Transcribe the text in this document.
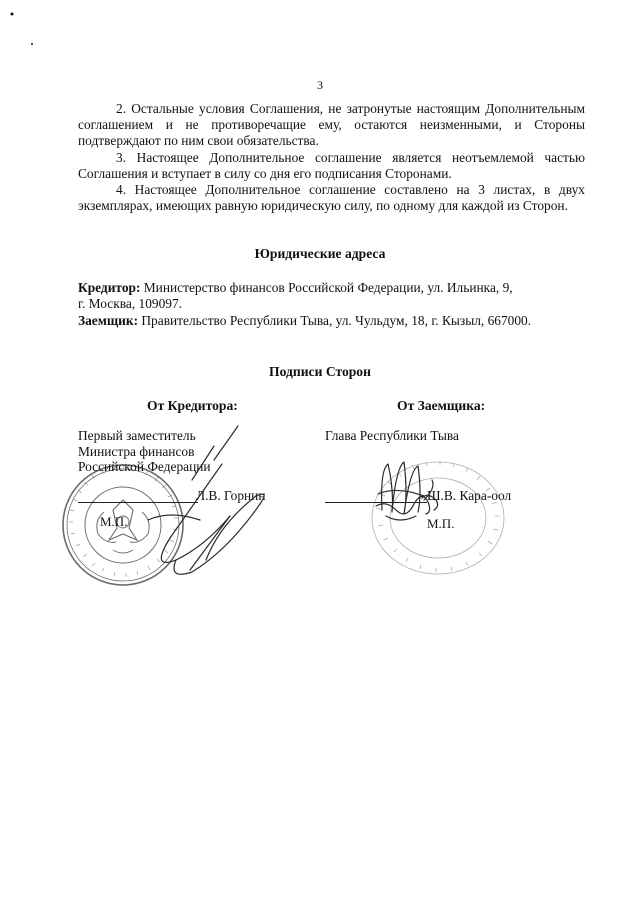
3

2. Остальные условия Соглашения, не затронутые настоящим Дополнительным соглашением и не противоречащие ему, остаются неизменными, и Стороны подтверждают по ним свои обязательства.

3. Настоящее Дополнительное соглашение является неотъемлемой частью Соглашения и вступает в силу со дня его подписания Сторонами.

4. Настоящее Дополнительное соглашение составлено на 3 листах, в двух экземплярах, имеющих равную юридическую силу, по одному для каждой из Сторон.

Юридические адреса

Кредитор: Министерство финансов Российской Федерации, ул. Ильинка, 9,

г. Москва, 109097.

Заемщик: Правительство Республики Тыва, ул. Чульдум, 18, г. Кызыл, 667000.

Подписи Сторон
От Кредитора:	От Заемщика:
Первый заместитель
Министра финансов
Российской Федерации
Л.В. Горнин
М.П.
Глава Республики Тыва
Ш.В. Кара-оол
М.П.
